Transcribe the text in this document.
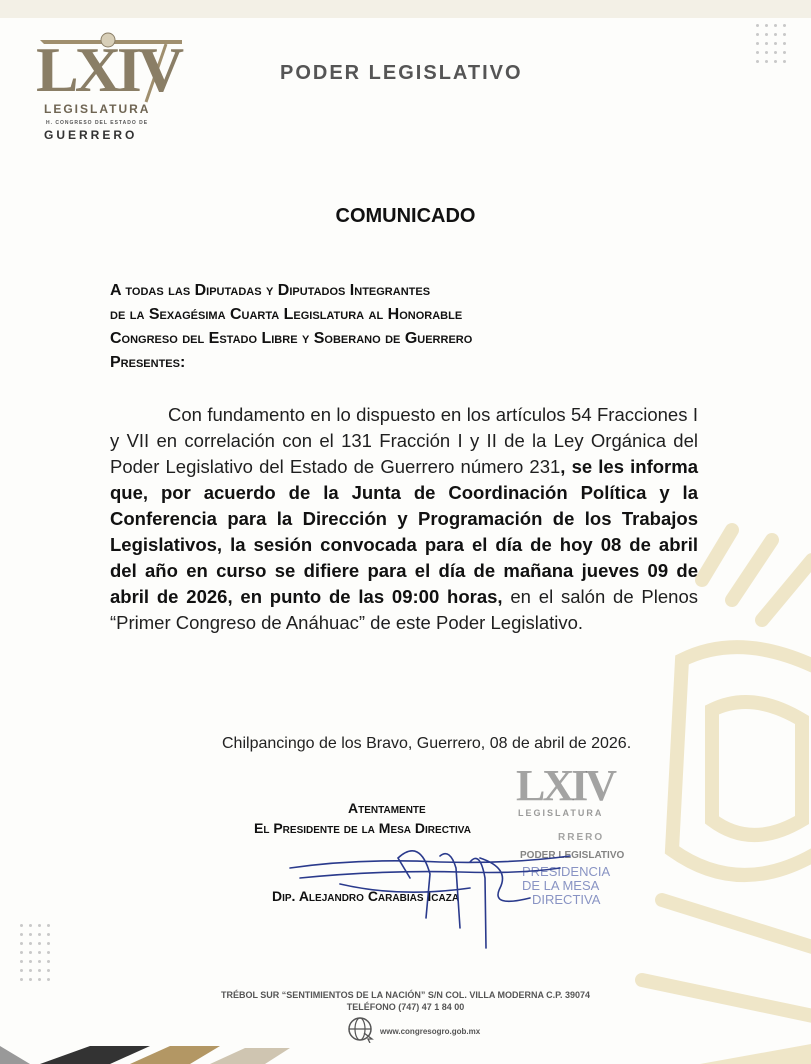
LXIV
LEGISLATURA
H. CONGRESO DEL ESTADO DE
GUERRERO
PODER LEGISLATIVO
COMUNICADO
A todas las Diputadas y Diputados Integrantes
de la Sexagésima Cuarta Legislatura al Honorable
Congreso del Estado Libre y Soberano de Guerrero
Presentes:

Con fundamento en lo dispuesto en los artículos 54 Fracciones I y VII en correlación con el 131 Fracción I y II de la Ley Orgánica del Poder Legislativo del Estado de Guerrero número 231, se les informa que, por acuerdo de la Junta de Coordinación Política y la Conferencia para la Dirección y Programación de los Trabajos Legislativos, la sesión convocada para el día de hoy 08 de abril del año en curso se difiere para el día de mañana jueves 09 de abril de 2026, en punto de las 09:00 horas, en el salón de Plenos “Primer Congreso de Anáhuac” de este Poder Legislativo.

Chilpancingo de los Bravo, Guerrero, 08 de abril de 2026.
LXIV
LEGISLATURA
RRERO
PODER LEGISLATIVO
PRESIDENCIA
DE LA MESA
DIRECTIVA
Atentamente
El Presidente de la Mesa Directiva
Dip. Alejandro Carabias Icaza
TRÉBOL SUR “SENTIMIENTOS DE LA NACIÓN” S/N COL. VILLA MODERNA C.P. 39074
TELÉFONO (747) 47 1 84 00
www.congresogro.gob.mx
